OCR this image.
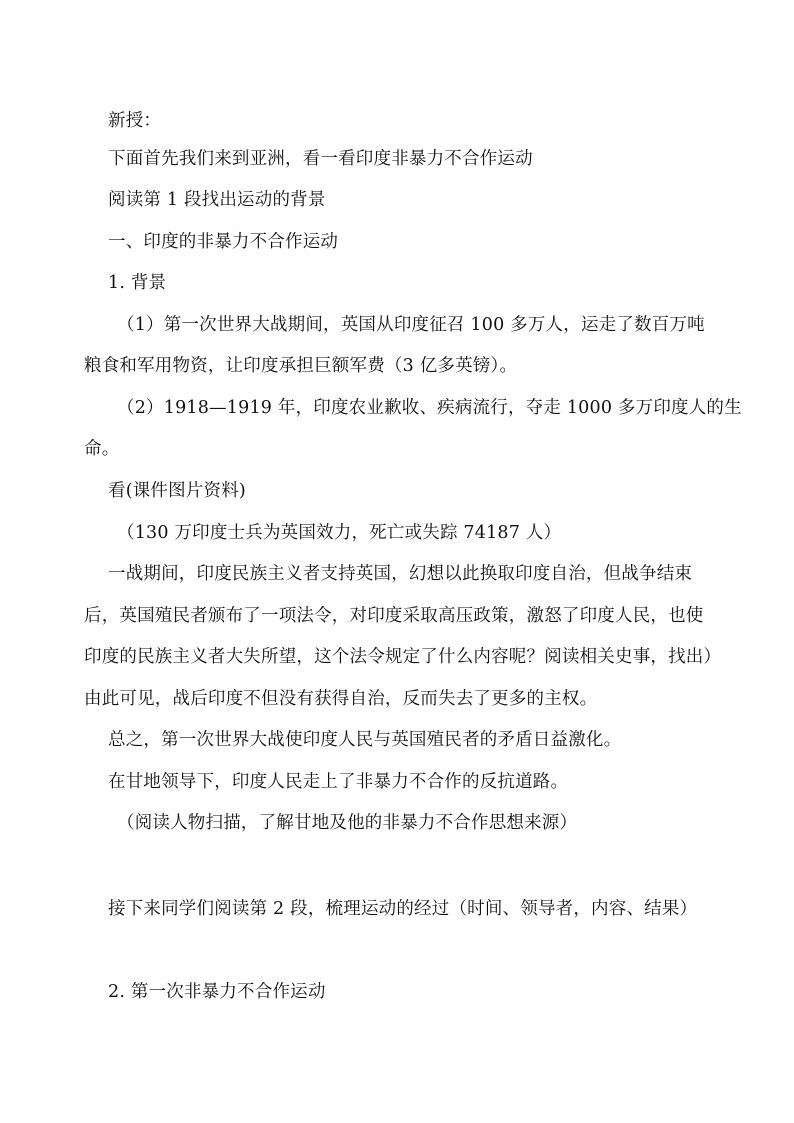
新授：
下面首先我们来到亚洲，看一看印度非暴力不合作运动
阅读第 1 段找出运动的背景
一、印度的非暴力不合作运动
1. 背景
（1）第一次世界大战期间，英国从印度征召 100 多万人，运走了数百万吨
粮食和军用物资，让印度承担巨额军费（3 亿多英镑）。
（2）1918—1919 年，印度农业歉收、疾病流行，夺走 1000 多万印度人的生
命。
看(课件图片资料)
（130 万印度士兵为英国效力，死亡或失踪 74187 人）
一战期间，印度民族主义者支持英国，幻想以此换取印度自治，但战争结束
后，英国殖民者颁布了一项法令，对印度采取高压政策，激怒了印度人民，也使
印度的民族主义者大失所望，这个法令规定了什么内容呢？阅读相关史事，找出）
由此可见，战后印度不但没有获得自治，反而失去了更多的主权。
总之，第一次世界大战使印度人民与英国殖民者的矛盾日益激化。
在甘地领导下，印度人民走上了非暴力不合作的反抗道路。
（阅读人物扫描，了解甘地及他的非暴力不合作思想来源）
接下来同学们阅读第 2 段，梳理运动的经过（时间、领导者，内容、结果）
2. 第一次非暴力不合作运动
